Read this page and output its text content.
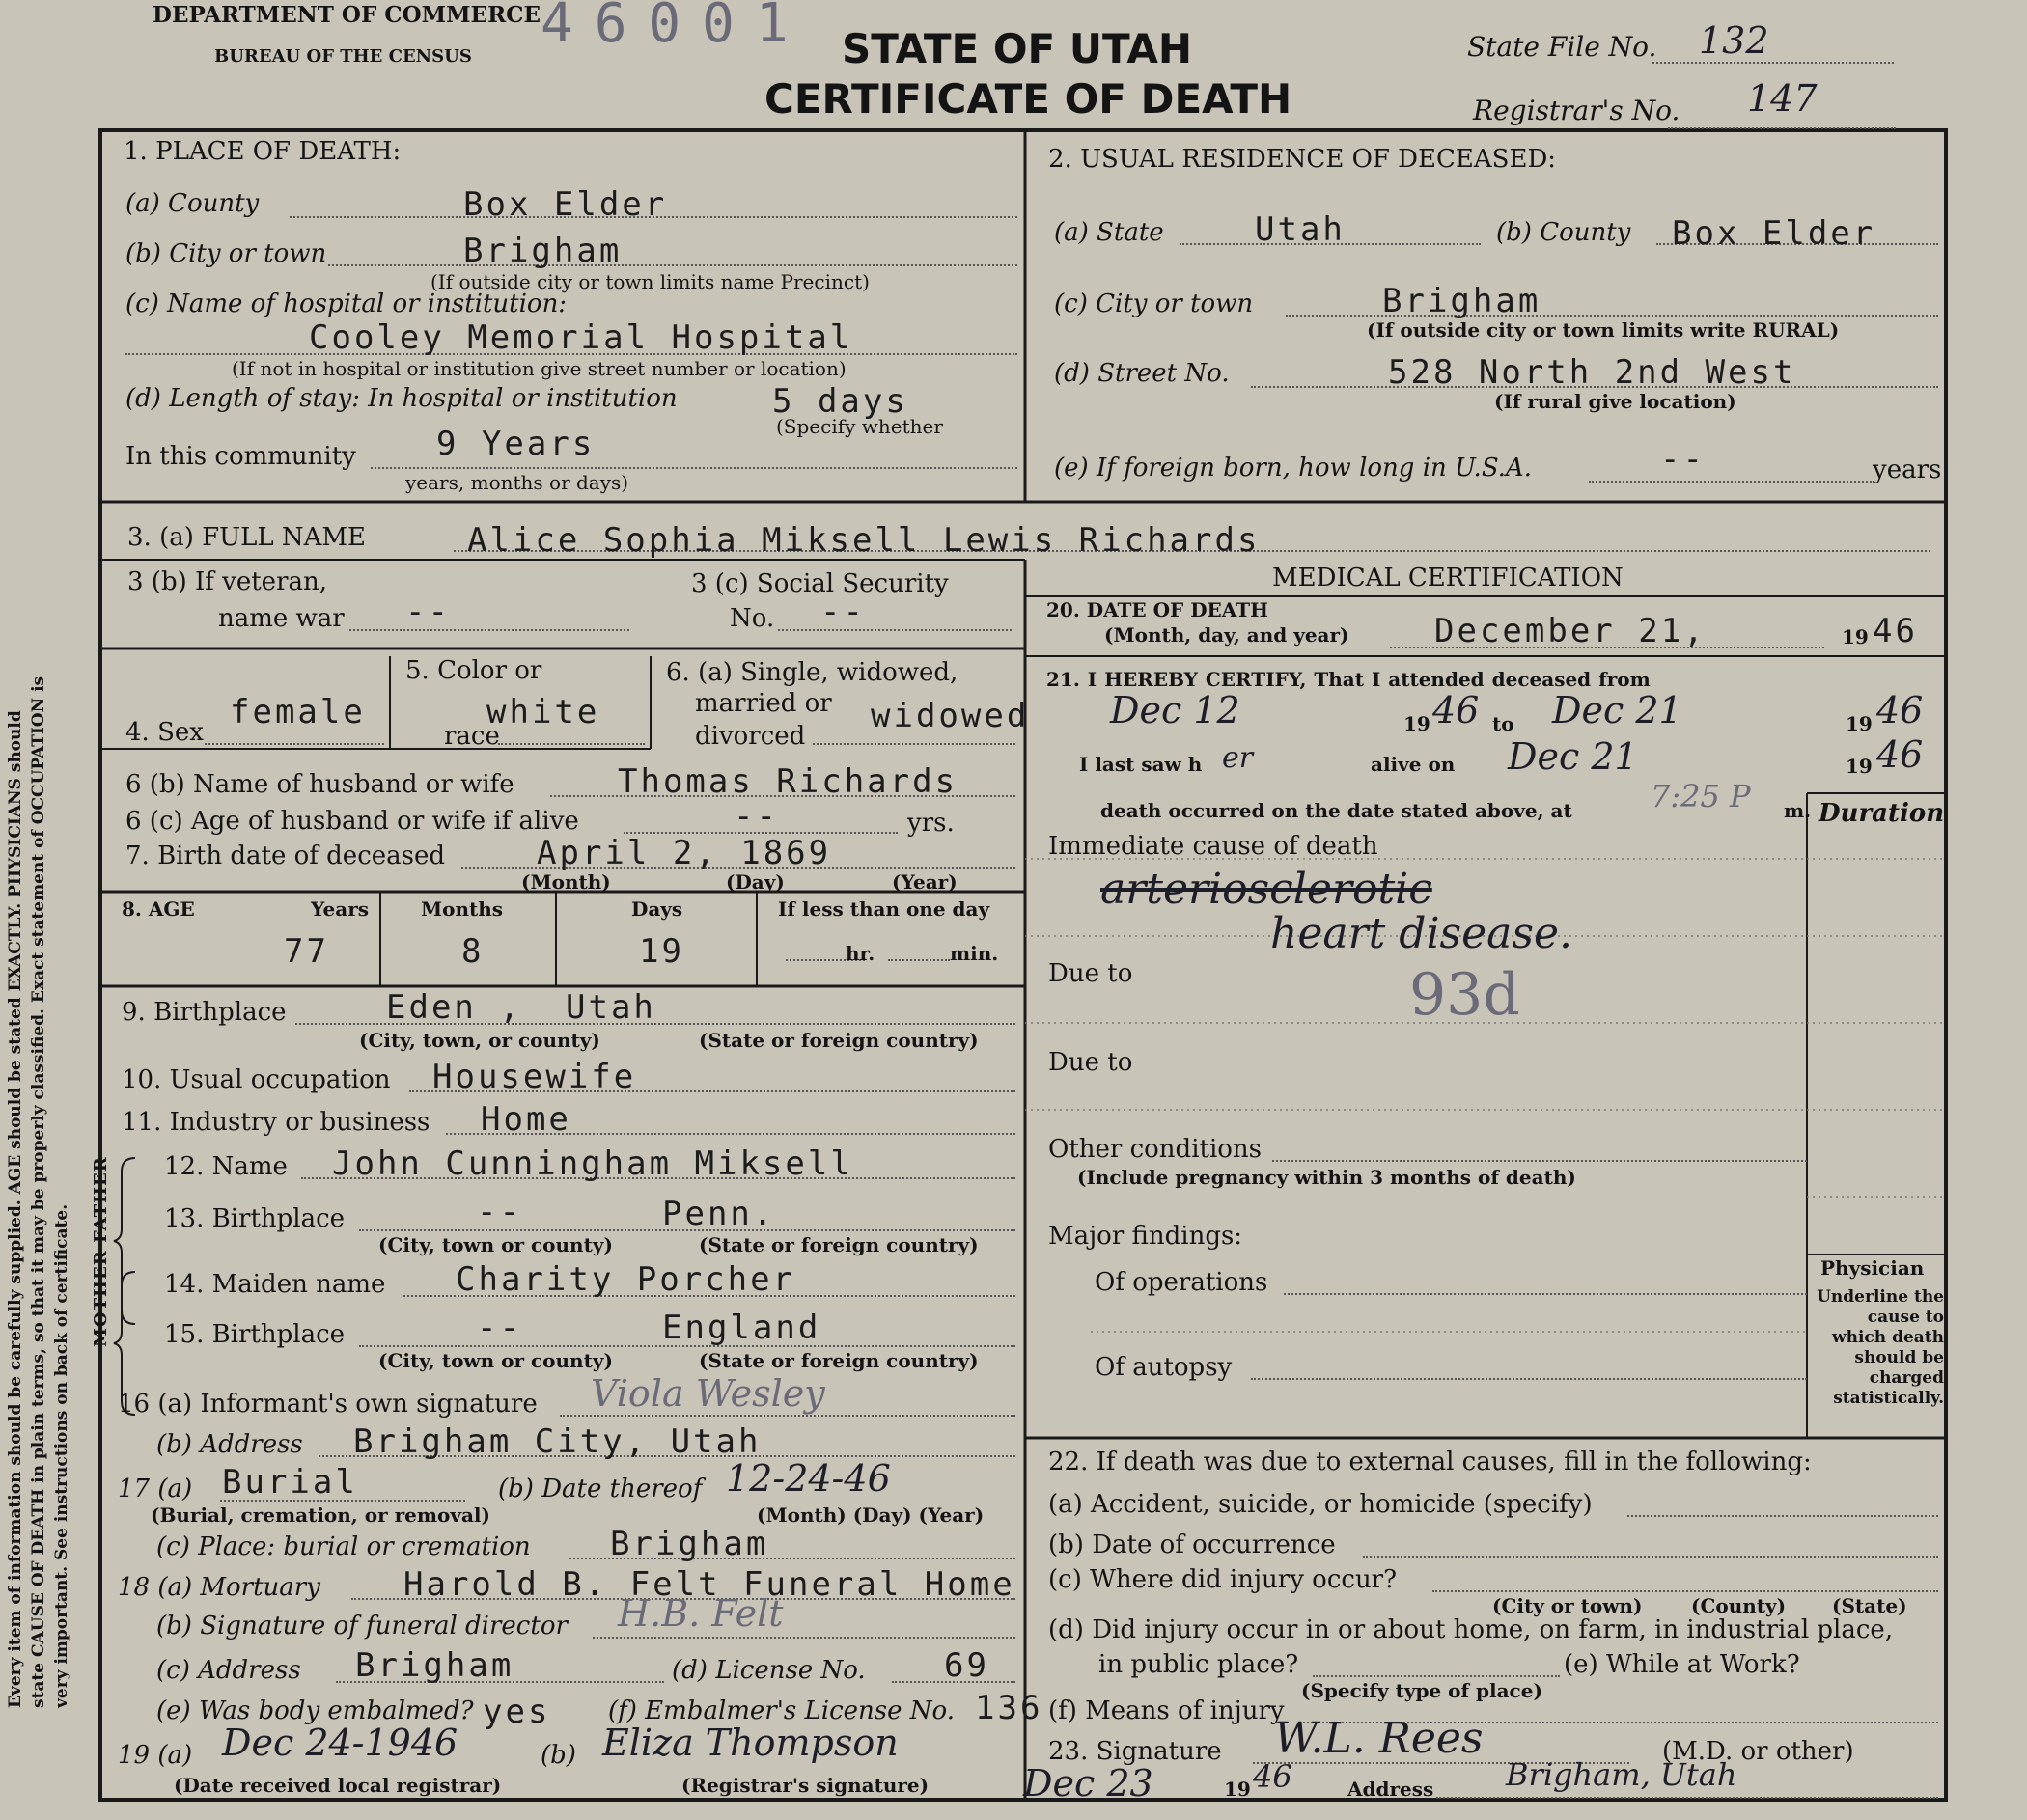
Every item of information should be carefully supplied. AGE should be stated EXACTLY. PHYSICIANS should state CAUSE OF DEATH in plain terms, so that it may be properly classified. Exact statement of OCCUPATION is very important. See instructions on back of certificate.
DEPARTMENT OF COMMERCE
BUREAU OF THE CENSUS
46001 STATE OF UTAH
CERTIFICATE OF DEATH
State File No. 132
Registrar's No. 147
1. PLACE OF DEATH:
(a) County	Box Elder
(b) City or town	Brigham
(If outside city or town limits name Precinct)
(c) Name of hospital or institution:
Cooley Memorial Hospital
(If not in hospital or institution give street number or location)
(d) Length of stay: In hospital or institution	5 days
(Specify whether
In this community 9 Years
years, months or days)
2. USUAL RESIDENCE OF DECEASED:
(a) State	Utah	(b) County Box Elder
(c) City or town	Brigham
(If outside city or town limits write RURAL)
(d) Street No.	528 North 2nd West
(If rural give location)
(e) If foreign born, how long in U.S.A.	--	years
3. (a) FULL NAME	Alice Sophia Miksell Lewis Richards
3 (b) If veteran,
name war --
3 (c) Social Security
No. --
MEDICAL CERTIFICATION
4. Sex
female
5. Color or
race
white
6. (a) Single, widowed,
married or
divorced
widowed
6 (b) Name of husband or wife	Thomas Richards
6 (c) Age of husband or wife if alive	--	yrs.
7. Birth date of deceased	April 2, 1869
(Month)	(Day)	(Year)
8. AGE	Years
77
Months
8
Days
19
If less than one day
hr.	min.
9. Birthplace	Eden , Utah
(City, town, or county)	(State or foreign country)
10. Usual occupation Housewife
11. Industry or business Home
MOTHER FATHER 12. Name John Cunningham Miksell
13. Birthplace	--	Penn.
(City, town or county)	(State or foreign country)
14. Maiden name Charity Porcher
15. Birthplace	--	England
(City, town or county)	(State or foreign country)
16 (a) Informant's own signature Viola Wesley
(b) Address Brigham City, Utah
17 (a) Burial
(Burial, cremation, or removal)
(b) Date thereof 12-24-46
(Month) (Day) (Year)
(c) Place: burial or cremation Brigham
18 (a) Mortuary	Harold B. Felt Funeral Home
(b) Signature of funeral director H.B. Felt
(c) Address Brigham	(d) License No. 69
(e) Was body embalmed? yes (f) Embalmer's License No. 136
19 (a) Dec 24-1946
(Date received local registrar)
(b) Eliza Thompson
(Registrar's signature)
20. DATE OF DEATH
(Month, day, and year)	December 21,	19 46
21. I HEREBY CERTIFY, That I attended deceased from
Dec 12	19 46 to Dec 21	19 46
I last saw h er	alive on Dec 21	19 46
death occurred on the date stated above, at	7:25 P m. Duration
Immediate cause of death
arteriosclerotic
heart disease.
93d
Due to
Due to
Other conditions
(Include pregnancy within 3 months of death)
Major findings:
Of operations
Of autopsy
Physician
Underline the cause to which death should be charged statistically.
22. If death was due to external causes, fill in the following:
(a) Accident, suicide, or homicide (specify)
(b) Date of occurrence
(c) Where did injury occur?
(City or town)	(County) (State)
(d) Did injury occur in or about home, on farm, in industrial place,
in public place?	(e) While at Work?
(Specify type of place)
(f) Means of injury
23. Signature W.L. Rees	(M.D. or other)
Dec 23	19 46	Address Brigham, Utah
